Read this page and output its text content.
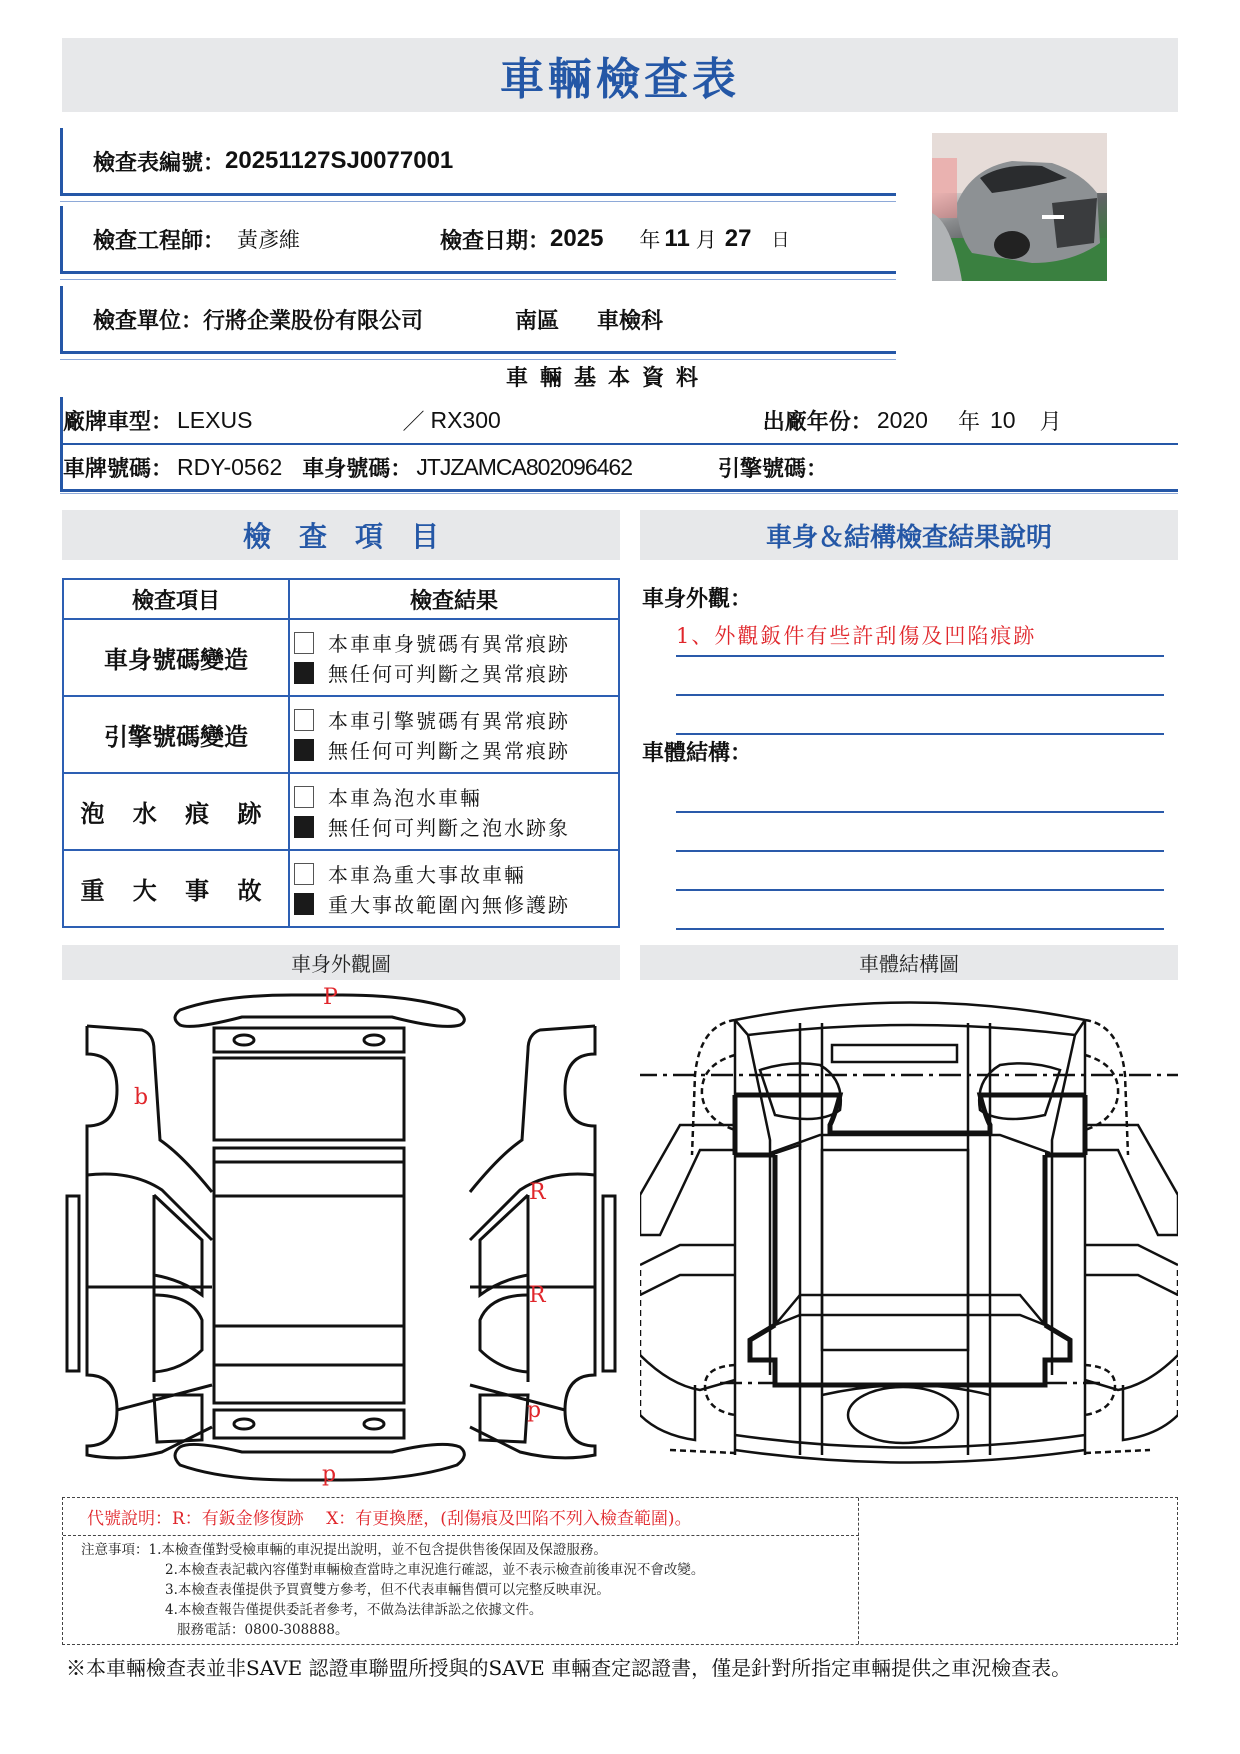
車輛檢查表
檢查表編號： 20251127SJ0077001
檢查工程師： 黃彥維	檢查日期： 2025 年 11 月 27 日
檢查單位： 行將企業股份有限公司	南區 車檢科
車輛基本資料
廠牌車型： LEXUS	／ RX300	出廠年份： 2020 年 10 月
車牌號碼： RDY-0562 車身號碼： JTJZAMCA802096462	引擎號碼：
檢　查　項　目	車身＆結構檢查結果說明
檢查項目	檢查結果
車身號碼變造	本車車身號碼有異常痕跡
無任何可判斷之異常痕跡

引擎號碼變造	本車引擎號碼有異常痕跡
無任何可判斷之異常痕跡

泡 水 痕 跡	本車為泡水車輛
無任何可判斷之泡水跡象

重 大 事 故	本車為重大事故車輛
重大事故範圍內無修護跡
車身外觀：
1、外觀鈑件有些許刮傷及凹陷痕跡
車體結構：
車身外觀圖	車體結構圖
P
b
R
R
p
p
代號說明：R：有鈑金修復跡　 X：有更換歷，(刮傷痕及凹陷不列入檢查範圍)。
注意事項： 1.本檢查僅對受檢車輛的車況提出說明，並不包含提供售後保固及保證服務。
2.本檢查表記載內容僅對車輛檢查當時之車況進行確認，並不表示檢查前後車況不會改變。
3.本檢查表僅提供予買賣雙方參考，但不代表車輛售價可以完整反映車況。
4.本檢查報告僅提供委託者參考，不做為法律訴訟之依據文件。
服務電話：0800-308888。
※本車輛檢查表並非SAVE 認證車聯盟所授與的SAVE 車輛查定認證書，僅是針對所指定車輛提供之車況檢查表。
